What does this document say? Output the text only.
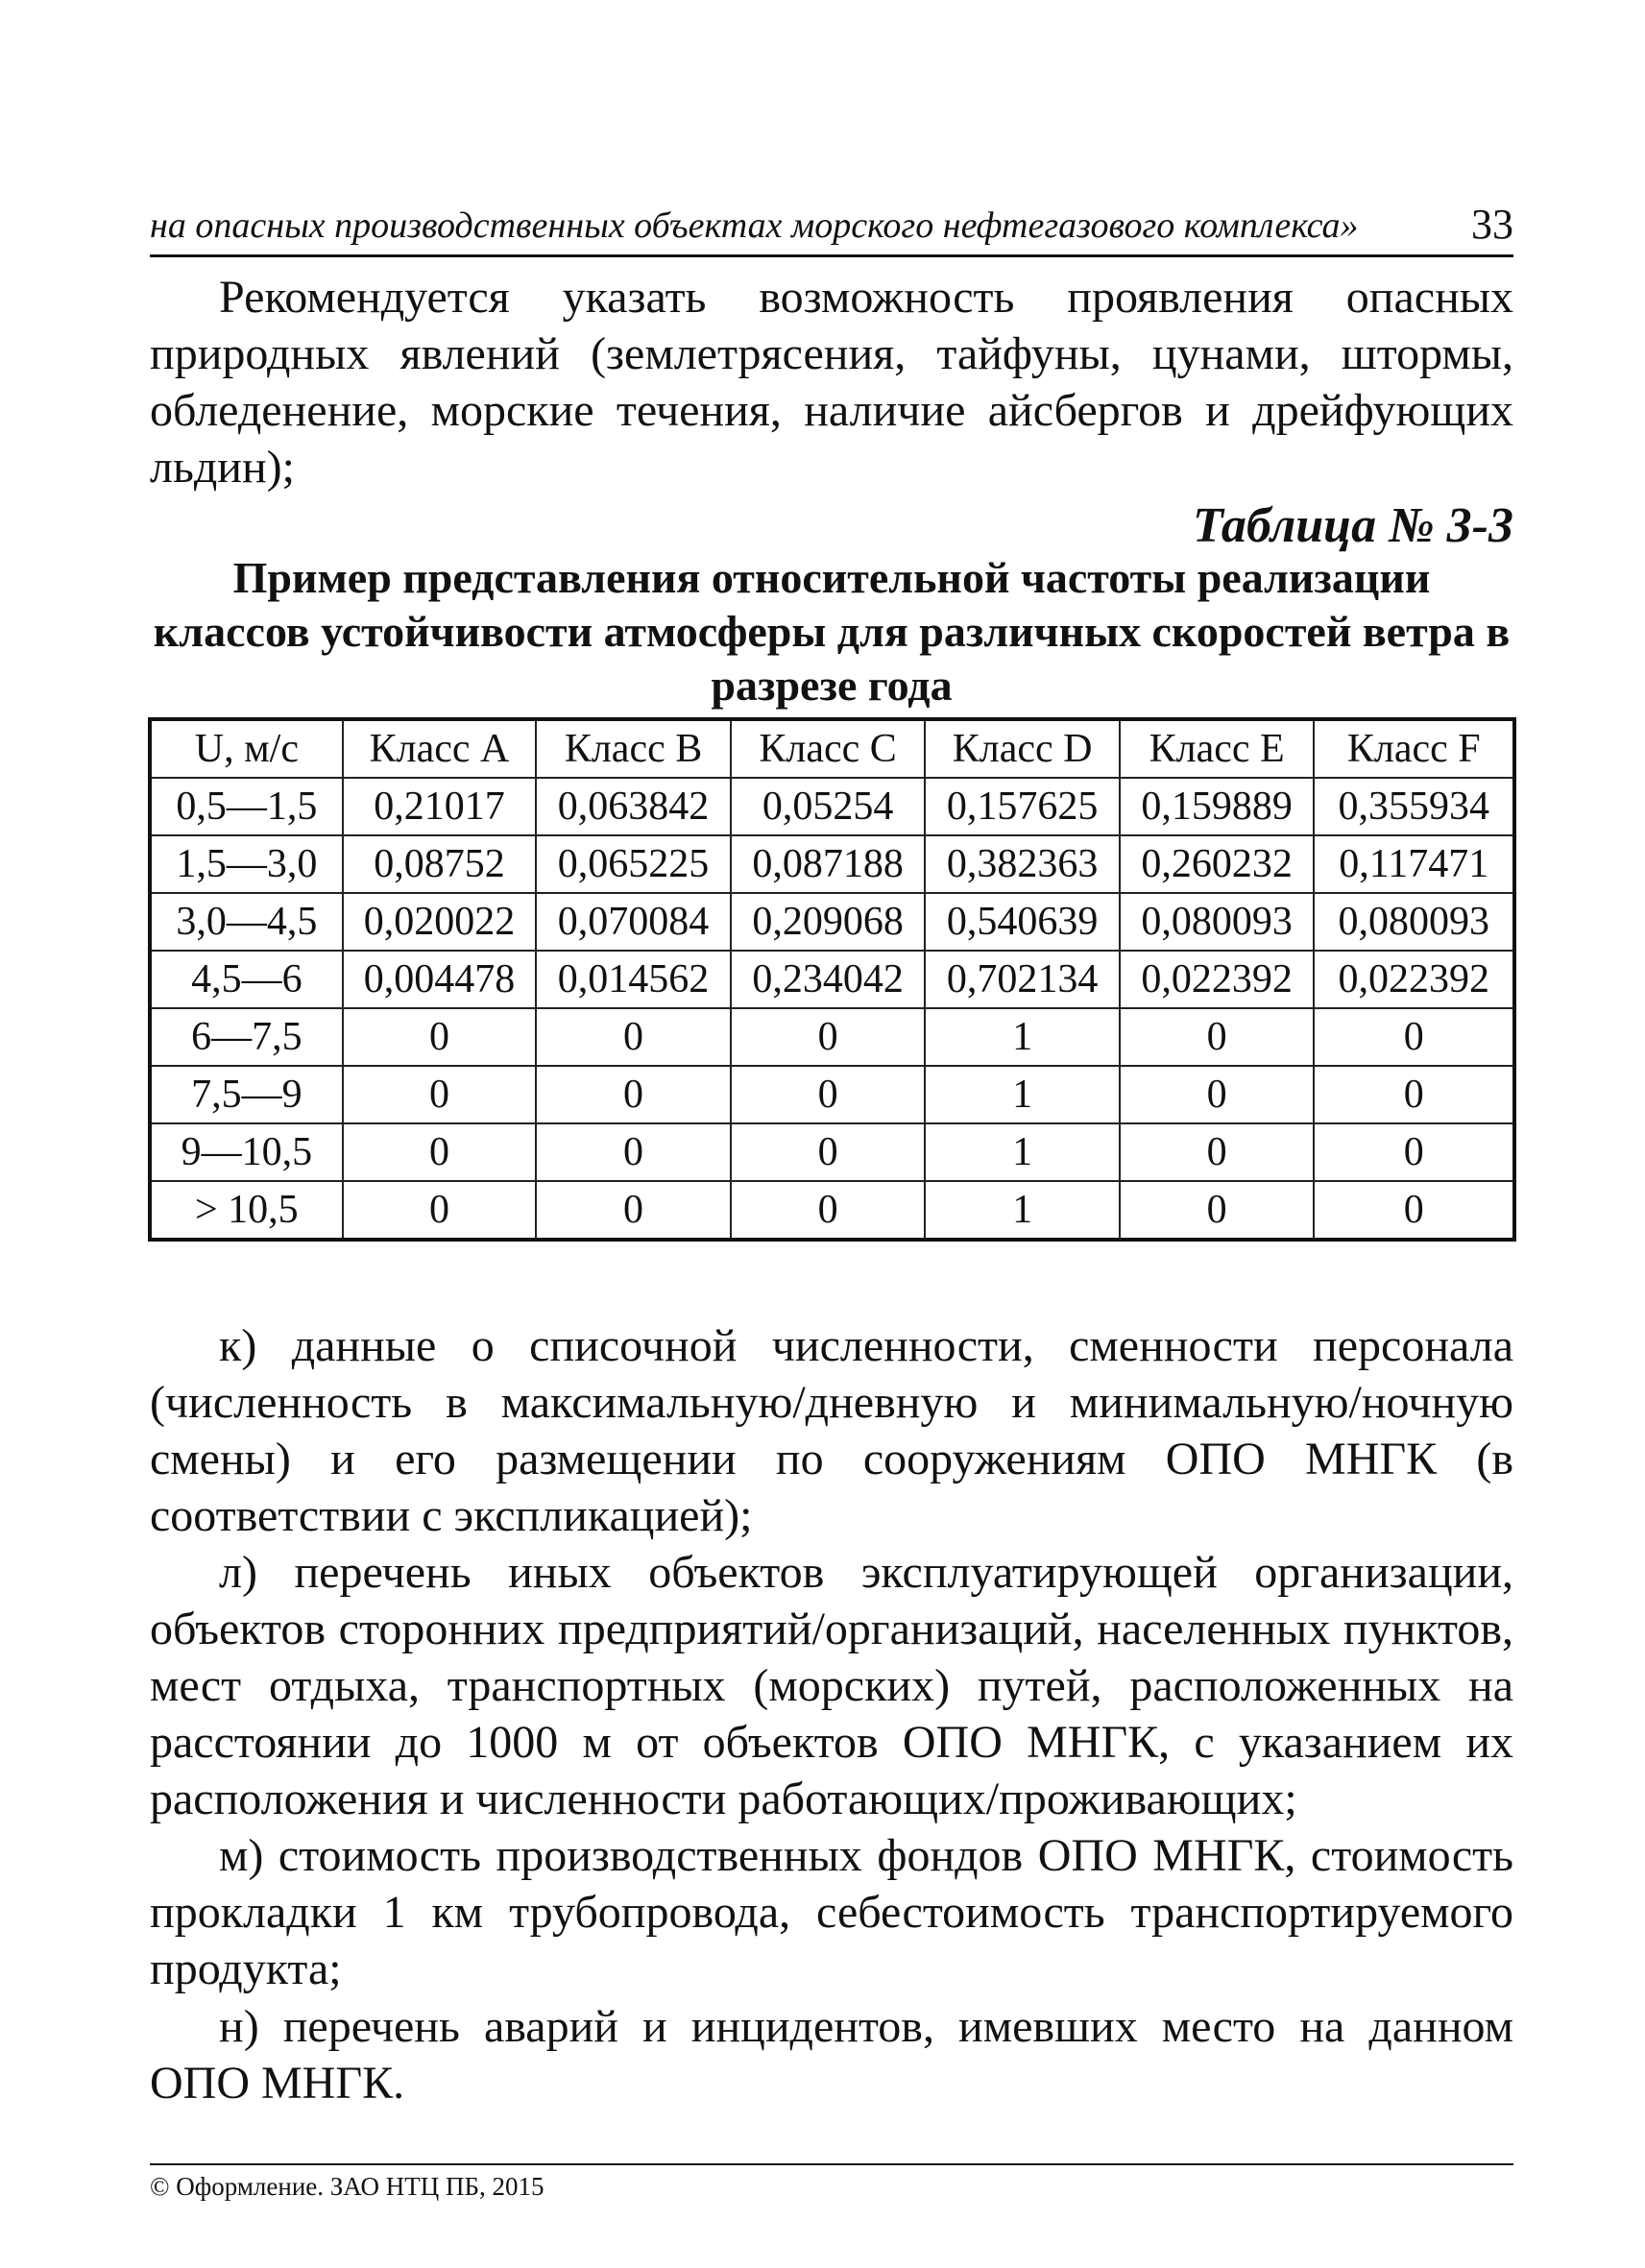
на опасных производственных объектах морского нефтегазового комплекса»	33

Рекомендуется указать возможность проявления опасных природных явлений (землетрясения, тайфуны, цунами, штормы, обледенение, морские течения, наличие айсбергов и дрейфующих льдин);

Таблица № 3-3
Пример представления относительной частоты реализации классов устойчивости атмосферы для различных скоростей ветра в разрезе года
U, м/с	Класс A	Класс B	Класс C	Класс D	Класс E	Класс F
0,5—1,5	0,21017	0,063842	0,05254	0,157625	0,159889	0,355934
1,5—3,0	0,08752	0,065225	0,087188	0,382363	0,260232	0,117471
3,0—4,5	0,020022	0,070084	0,209068	0,540639	0,080093	0,080093
4,5—6	0,004478	0,014562	0,234042	0,702134	0,022392	0,022392
6—7,5	0	0	0	1	0	0
7,5—9	0	0	0	1	0	0
9—10,5	0	0	0	1	0	0
> 10,5	0	0	0	1	0	0

к) данные о списочной численности, сменности персонала (численность в максимальную/дневную и минимальную/ночную смены) и его размещении по сооружениям ОПО МНГК (в соответствии с экспликацией);

л) перечень иных объектов эксплуатирующей организации, объектов сторонних предприятий/организаций, населенных пунктов, мест отдыха, транспортных (морских) путей, расположенных на расстоянии до 1000 м от объектов ОПО МНГК, с указанием их расположения и численности работающих/проживающих;

м) стоимость производственных фондов ОПО МНГК, стоимость прокладки 1 км трубопровода, себестоимость транспортируемого продукта;

н) перечень аварий и инцидентов, имевших место на данном ОПО МНГК.

© Оформление. ЗАО НТЦ ПБ, 2015
